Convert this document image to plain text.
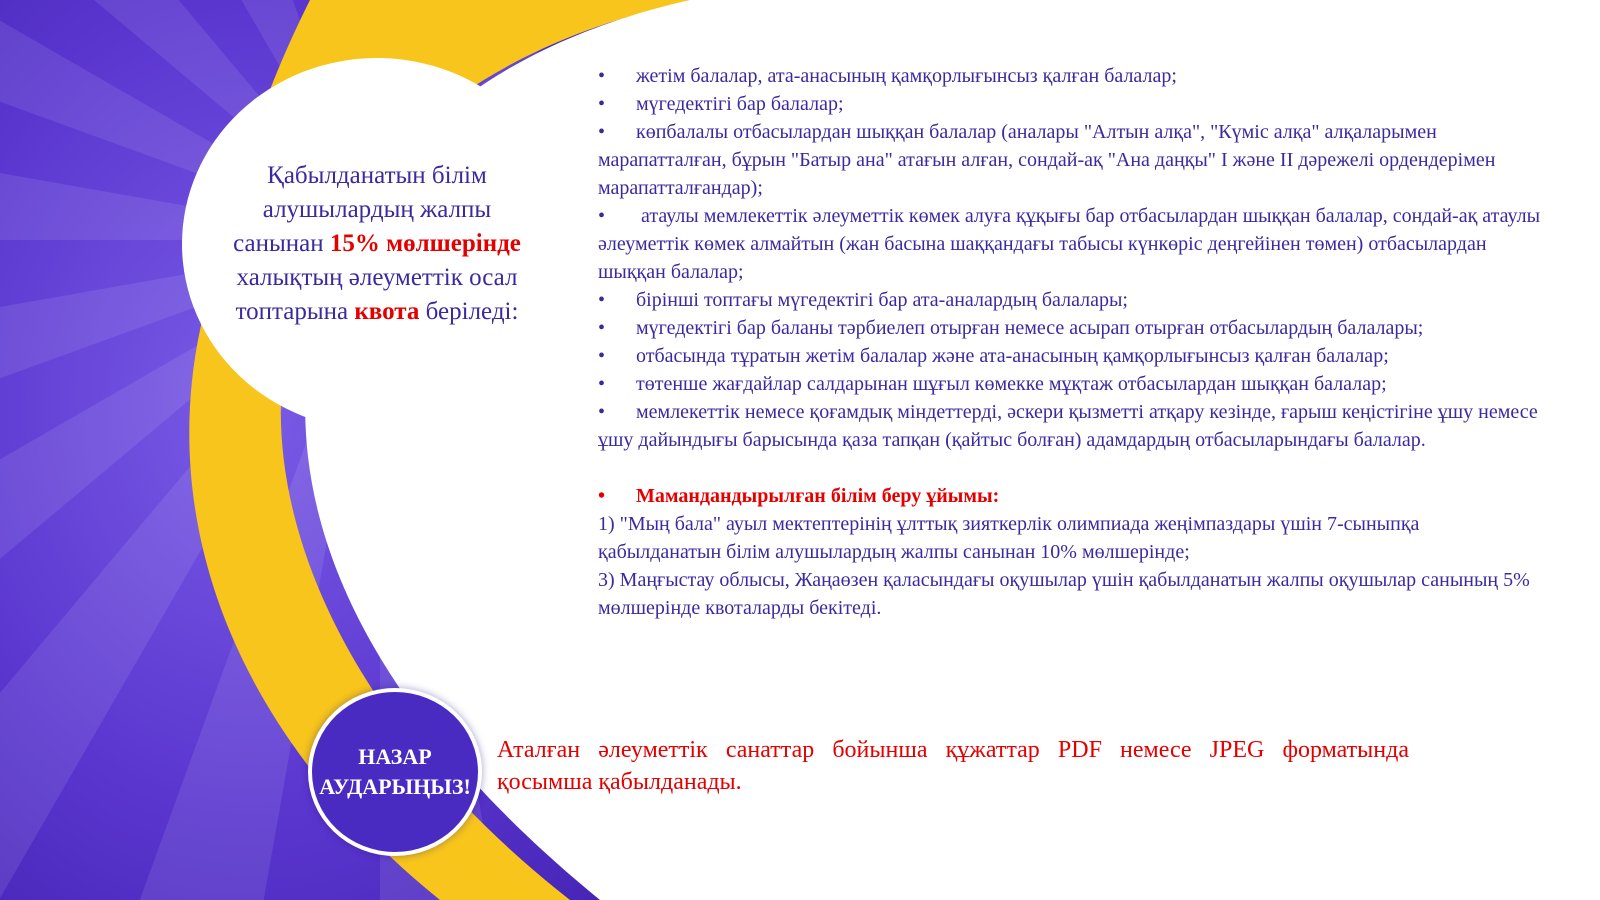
Қабылданатын білім алушылардың жалпы санынан 15% мөлшерінде халықтың әлеуметтік осал топтарына квота беріледі:

• жетім балалар, ата-анасының қамқорлығынсыз қалған балалар;

• мүгедектігі бар балалар;

• көпбалалы отбасылардан шыққан балалар (аналары "Алтын алқа", "Күміс алқа" алқаларымен марапатталған, бұрын "Батыр ана" атағын алған, сондай-ақ "Ана даңқы" I және II дәрежелі ордендерімен марапатталғандар);

• атаулы мемлекеттік әлеуметтік көмек алуға құқығы бар отбасылардан шыққан балалар, сондай-ақ атаулы әлеуметтік көмек алмайтын (жан басына шаққандағы табысы күнкөріс деңгейінен төмен) отбасылардан шыққан балалар;

• бірінші топтағы мүгедектігі бар ата-аналардың балалары;

• мүгедектігі бар баланы тәрбиелеп отырған немесе асырап отырған отбасылардың балалары;

• отбасында тұратын жетім балалар және ата-анасының қамқорлығынсыз қалған балалар;

• төтенше жағдайлар салдарынан шұғыл көмекке мұқтаж отбасылардан шыққан балалар;

• мемлекеттік немесе қоғамдық міндеттерді, әскери қызметті атқару кезінде, ғарыш кеңістігіне ұшу немесе ұшу дайындығы барысында қаза тапқан (қайтыс болған) адамдардың отбасыларындағы балалар.

• Мамандандырылған білім беру ұйымы:

1) "Мың бала" ауыл мектептерінің ұлттық зияткерлік олимпиада жеңімпаздары үшін 7-сыныпқа қабылданатын білім алушылардың жалпы санынан 10% мөлшерінде;

3) Маңғыстау облысы, Жаңаөзен қаласындағы оқушылар үшін қабылданатын жалпы оқушылар санының 5% мөлшерінде квоталарды бекітеді.

НАЗАР
АУДАРЫҢЫЗ!
Аталған әлеуметтік санаттар бойынша құжаттар PDF немесе JPEG форматында қосымша қабылданады.
